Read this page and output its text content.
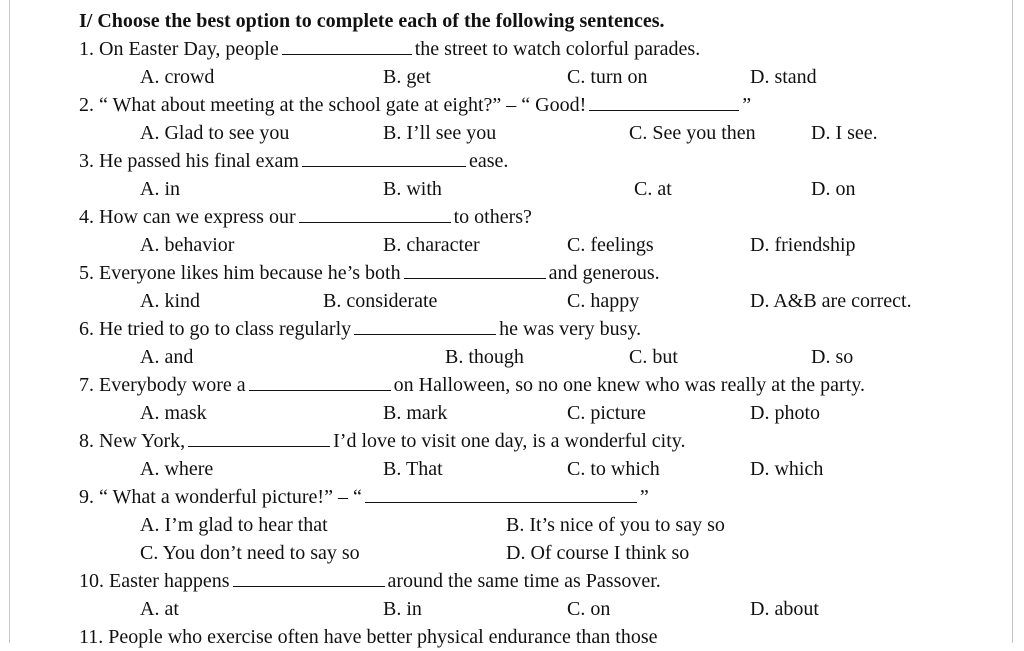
I/ Choose the best option to complete each of the following sentences.
1. On Easter Day, people	the street to watch colorful parades.
A. crowd	B. get	C. turn on	D. stand
2. “ What about meeting at the school gate at eight?” – “ Good!	”
A. Glad to see you	B. I’ll see you	C. See you then	D. I see.
3. He passed his final exam	ease.
A. in	B. with	C. at	D. on
4. How can we express our	to others?
A. behavior	B. character	C. feelings	D. friendship
5. Everyone likes him because he’s both	and generous.
A. kind	B. considerate	C. happy	D. A&B are correct.
6. He tried to go to class regularly	he was very busy.
A. and	B. though	C. but	D. so
7. Everybody wore a	on Halloween, so no one knew who was really at the party.
A. mask	B. mark	C. picture	D. photo
8. New York,	I’d love to visit one day, is a wonderful city.
A. where	B. That	C. to which	D. which
9. “ What a wonderful picture!” – “	”
A. I’m glad to hear that	B. It’s nice of you to say so
C. You don’t need to say so	D. Of course I think so
10. Easter happens	around the same time as Passover.
A. at	B. in	C. on	D. about
11. People who exercise often have better physical endurance than those
